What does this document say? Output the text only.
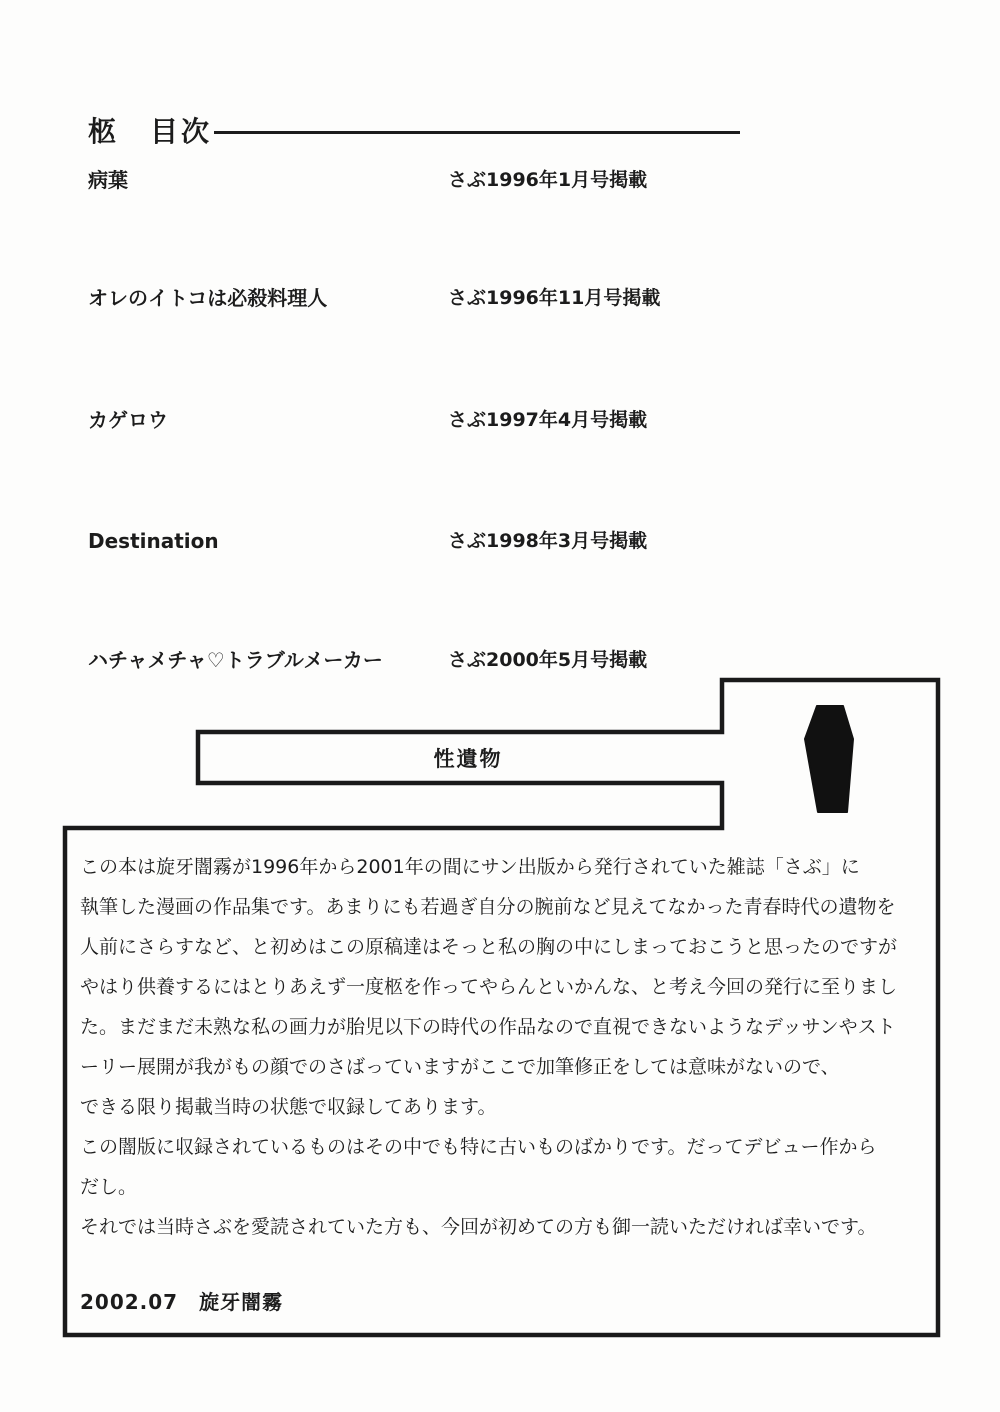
柩　目次
病葉	さぶ1996年1月号掲載
オレのイトコは必殺料理人	さぶ1996年11月号掲載
カゲロウ	さぶ1997年4月号掲載
Destination	さぶ1998年3月号掲載
ハチャメチャ♡トラブルメーカー	さぶ2000年5月号掲載
性遺物
この本は旋牙闇霧が1996年から2001年の間にサン出版から発行されていた雑誌「さぶ」に
執筆した漫画の作品集です。あまりにも若過ぎ自分の腕前など見えてなかった青春時代の遺物を
人前にさらすなど、と初めはこの原稿達はそっと私の胸の中にしまっておこうと思ったのですが
やはり供養するにはとりあえず一度柩を作ってやらんといかんな、と考え今回の発行に至りまし
た。まだまだ未熟な私の画力が胎児以下の時代の作品なので直視できないようなデッサンやスト
ーリー展開が我がもの顔でのさばっていますがここで加筆修正をしては意味がないので、
できる限り掲載当時の状態で収録してあります。
この闇版に収録されているものはその中でも特に古いものばかりです。だってデビュー作から
だし。
それでは当時さぶを愛読されていた方も、今回が初めての方も御一読いただければ幸いです。
2002.07　旋牙闇霧
